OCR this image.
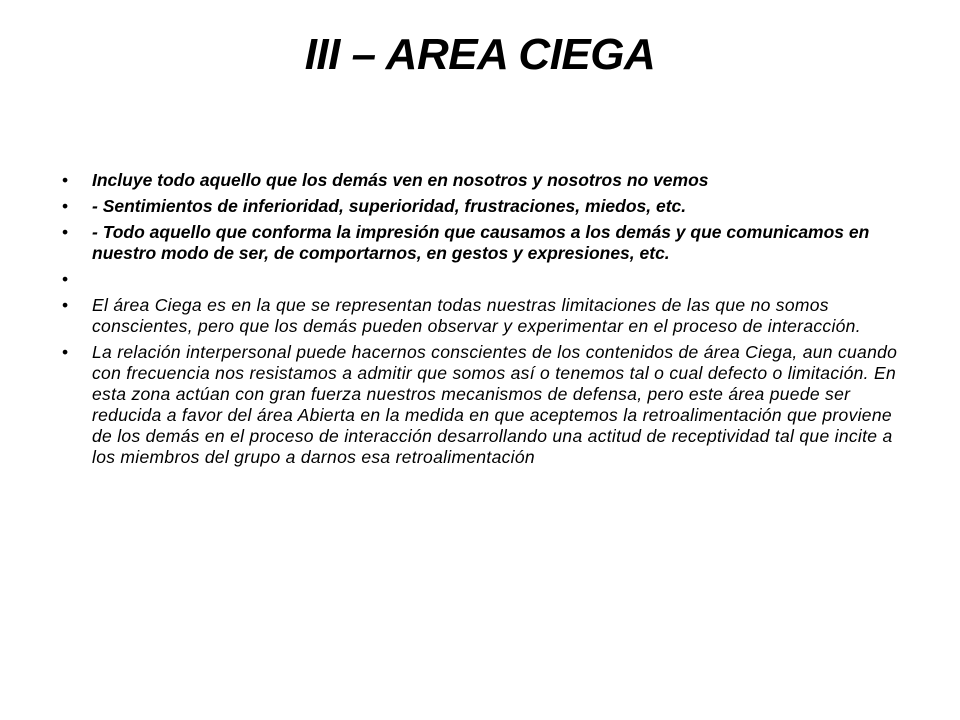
III – AREA CIEGA
• Incluye todo aquello que los demás ven en nosotros y nosotros no vemos
• - Sentimientos de inferioridad, superioridad, frustraciones, miedos, etc.
• - Todo aquello que conforma la impresión que causamos a los demás y que comunicamos en nuestro modo de ser, de comportarnos, en gestos y expresiones, etc.
•
• El área Ciega es en la que se representan todas nuestras limitaciones de las que no somos conscientes, pero que los demás pueden observar y experimentar en el proceso de interacción.
• La relación interpersonal puede hacernos conscientes de los contenidos de área Ciega, aun cuando con frecuencia nos resistamos a admitir que somos así o tenemos tal o cual defecto o limitación. En esta zona actúan con gran fuerza nuestros mecanismos de defensa, pero este área puede ser reducida a favor del área Abierta en la medida en que aceptemos la retroalimentación que proviene de los demás en el proceso de interacción desarrollando una actitud de receptividad tal que incite a los miembros del grupo a darnos esa retroalimentación
